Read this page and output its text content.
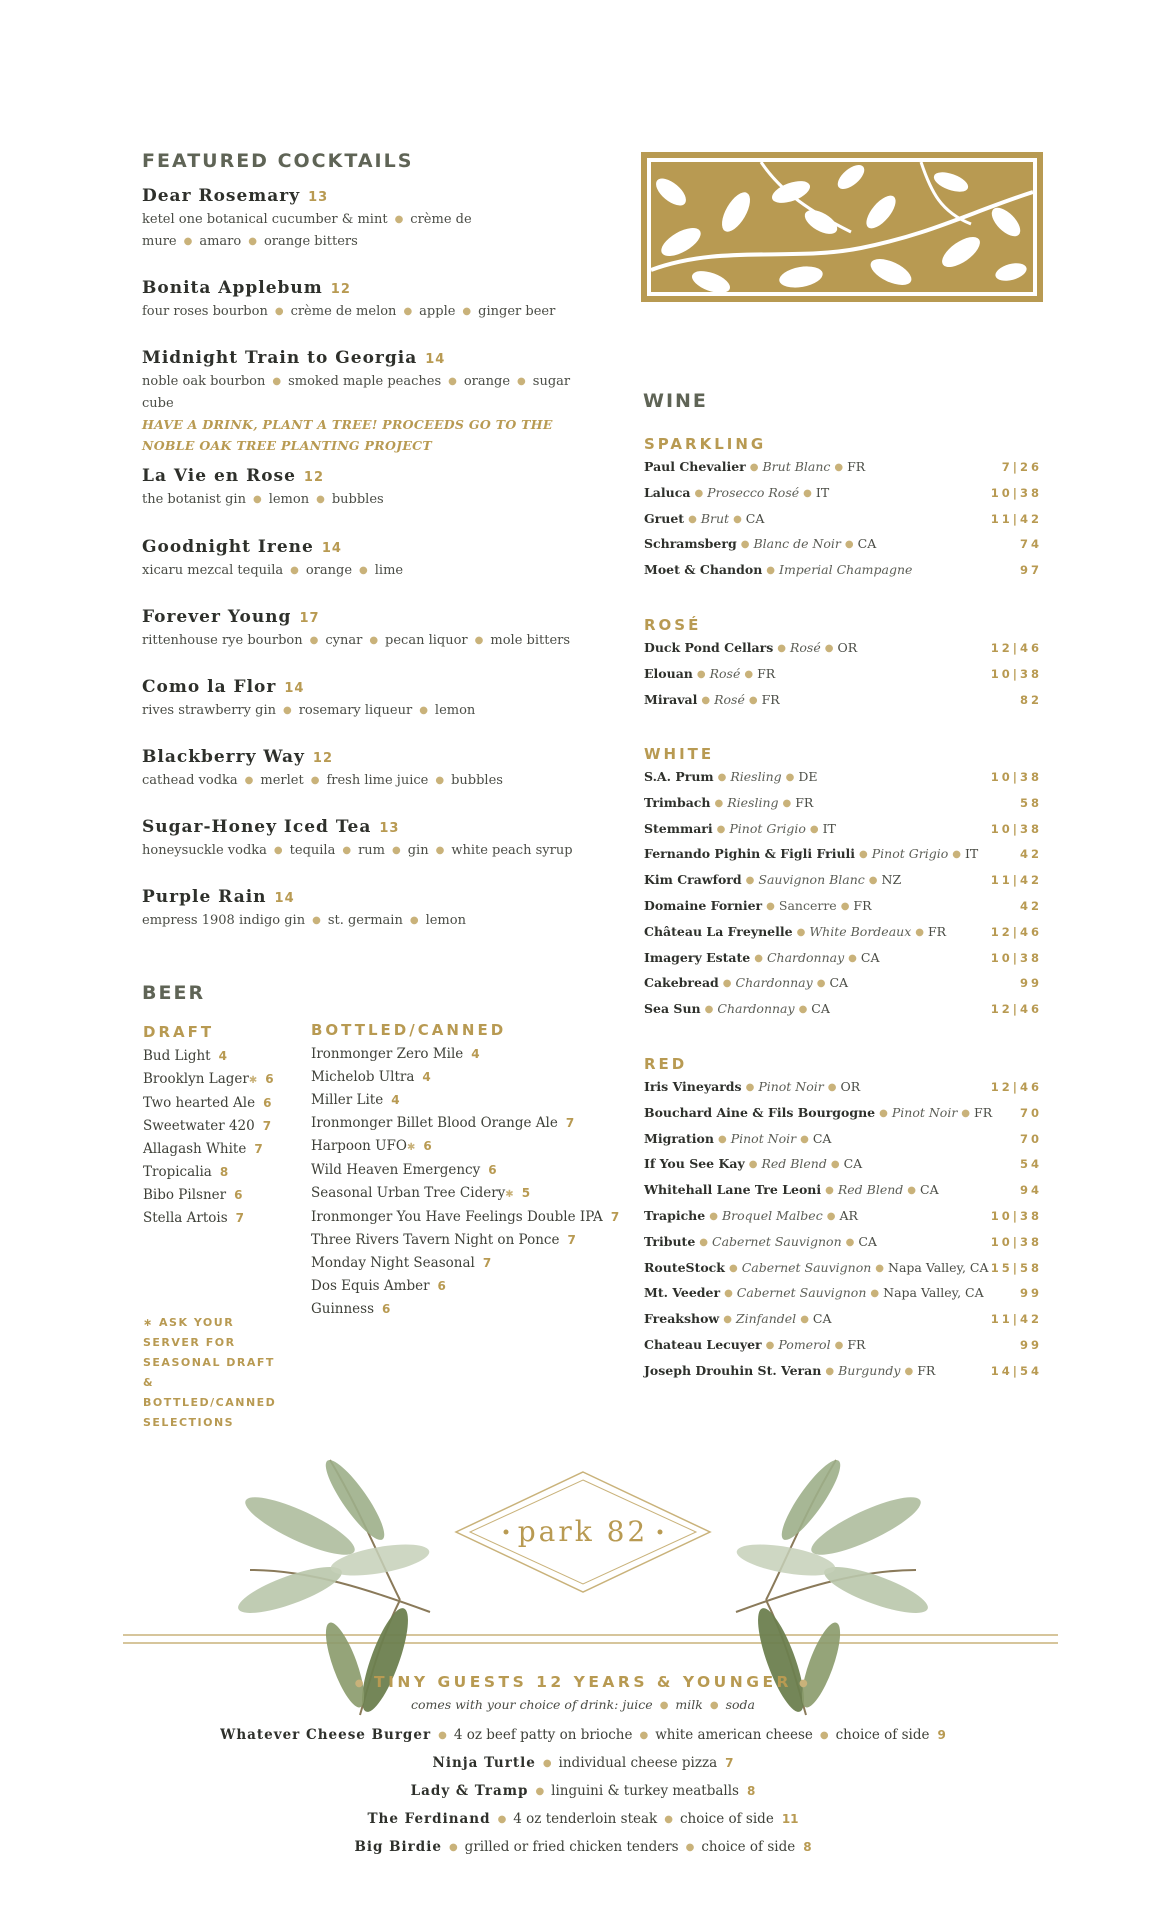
FEATURED COCKTAILS
Dear Rosemary 13
ketel one botanical cucumber & mint ● crème de mure ● amaro ● orange bitters
Bonita Applebum 12
four roses bourbon ● crème de melon ● apple ● ginger beer
Midnight Train to Georgia 14
noble oak bourbon ● smoked maple peaches ● orange ● sugar cube
HAVE A DRINK, PLANT A TREE! PROCEEDS GO TO THE NOBLE OAK TREE PLANTING PROJECT
La Vie en Rose 12
the botanist gin ● lemon ● bubbles
Goodnight Irene 14
xicaru mezcal tequila ● orange ● lime
Forever Young 17
rittenhouse rye bourbon ● cynar ● pecan liquor ● mole bitters
Como la Flor 14
rives strawberry gin ● rosemary liqueur ● lemon
Blackberry Way 12
cathead vodka ● merlet ● fresh lime juice ● bubbles
Sugar-Honey Iced Tea 13
honeysuckle vodka ● tequila ● rum ● gin ● white peach syrup
Purple Rain 14
empress 1908 indigo gin ● st. germain ● lemon
BEER
DRAFT
Bud Light 4
Brooklyn Lager✱ 6
Two hearted Ale 6
Sweetwater 420 7
Allagash White 7
Tropicalia 8
Bibo Pilsner 6
Stella Artois 7
BOTTLED/CANNED
Ironmonger Zero Mile 4
Michelob Ultra 4
Miller Lite 4
Ironmonger Billet Blood Orange Ale 7
Harpoon UFO✱ 6
Wild Heaven Emergency 6
Seasonal Urban Tree Cidery✱ 5
Ironmonger You Have Feelings Double IPA 7
Three Rivers Tavern Night on Ponce 7
Monday Night Seasonal 7
Dos Equis Amber 6
Guinness 6
∗ ASK YOUR SERVER FOR SEASONAL DRAFT & BOTTLED/CANNED SELECTIONS
WINE
SPARKLING
Paul Chevalier ● Brut Blanc ● FR	7|26
Laluca ● Prosecco Rosé ● IT	10|38
Gruet ● Brut ● CA	11|42
Schramsberg ● Blanc de Noir ● CA	74
Moet & Chandon ● Imperial Champagne	97
ROSÉ
Duck Pond Cellars ● Rosé ● OR	12|46
Elouan ● Rosé ● FR	10|38
Miraval ● Rosé ● FR	82
WHITE
S.A. Prum ● Riesling ● DE	10|38
Trimbach ● Riesling ● FR	58
Stemmari ● Pinot Grigio ● IT	10|38
Fernando Pighin & Figli Friuli ● Pinot Grigio ● IT	42
Kim Crawford ● Sauvignon Blanc ● NZ	11|42
Domaine Fornier ● Sancerre ● FR	42
Château La Freynelle ● White Bordeaux ● FR	12|46
Imagery Estate ● Chardonnay ● CA	10|38
Cakebread ● Chardonnay ● CA	99
Sea Sun ● Chardonnay ● CA	12|46
RED
Iris Vineyards ● Pinot Noir ● OR	12|46
Bouchard Aine & Fils Bourgogne ● Pinot Noir ● FR 70
Migration ● Pinot Noir ● CA	70
If You See Kay ● Red Blend ● CA	54
Whitehall Lane Tre Leoni ● Red Blend ● CA	94
Trapiche ● Broquel Malbec ● AR	10|38
Tribute ● Cabernet Sauvignon ● CA	10|38
RouteStock ● Cabernet Sauvignon ● Napa Valley, CA 15|58
Mt. Veeder ● Cabernet Sauvignon ● Napa Valley, CA	99
Freakshow ● Zinfandel ● CA	11|42
Chateau Lecuyer ● Pomerol ● FR	99
Joseph Drouhin St. Veran ● Burgundy ● FR	14|54
park 82
● TINY GUESTS 12 YEARS & YOUNGER ●
comes with your choice of drink: juice ● milk ● soda
Whatever Cheese Burger ● 4 oz beef patty on brioche ● white american cheese ● choice of side 9
Ninja Turtle ● individual cheese pizza 7
Lady & Tramp ● linguini & turkey meatballs 8
The Ferdinand ● 4 oz tenderloin steak ● choice of side 11
Big Birdie ● grilled or fried chicken tenders ● choice of side 8
